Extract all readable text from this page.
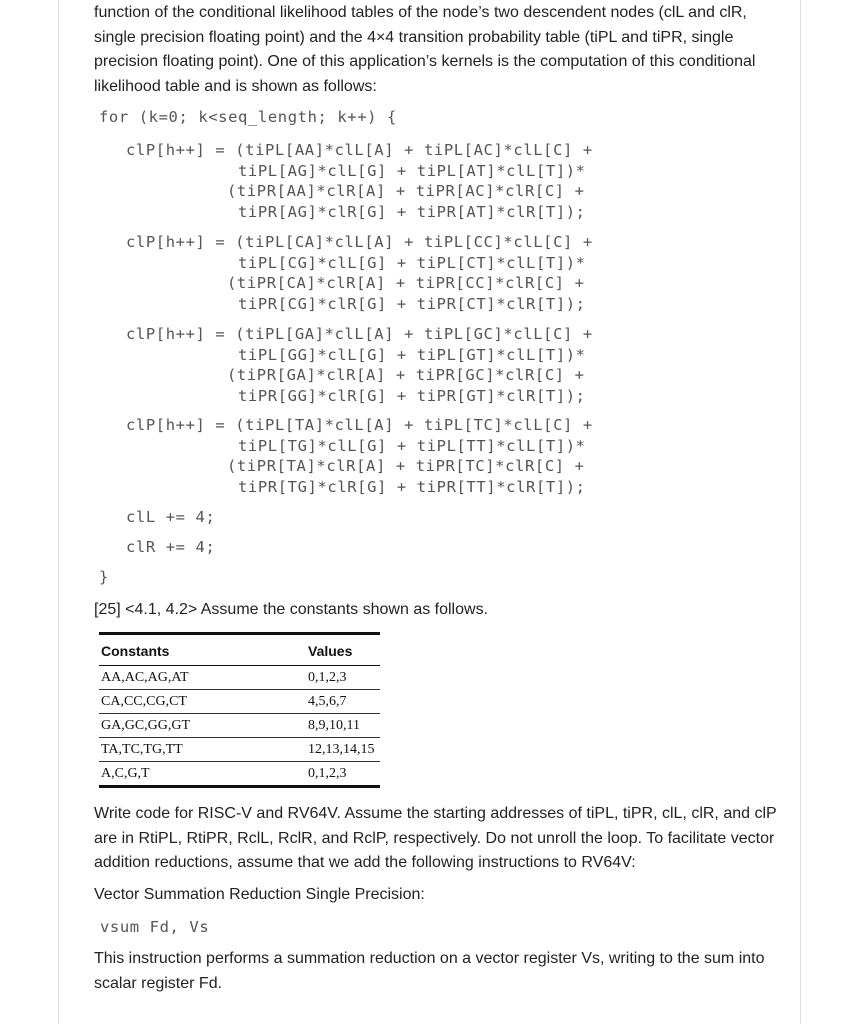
function of the conditional likelihood tables of the node’s two descendent nodes (clL and clR, single precision floating point) and the 4×4 transition probability table (tiPL and tiPR, single precision floating point). One of this application’s kernels is the computation of this conditional likelihood table and is shown as follows:

for (k=0; k<seq_length; k++) {
clP[h++] = (tiPL[AA]*clL[A] + tiPL[AC]*clL[C] +
tiPL[AG]*clL[G] + tiPL[AT]*clL[T])*
(tiPR[AA]*clR[A] + tiPR[AC]*clR[C] +
tiPR[AG]*clR[G] + tiPR[AT]*clR[T]);
clP[h++] = (tiPL[CA]*clL[A] + tiPL[CC]*clL[C] +
tiPL[CG]*clL[G] + tiPL[CT]*clL[T])*
(tiPR[CA]*clR[A] + tiPR[CC]*clR[C] +
tiPR[CG]*clR[G] + tiPR[CT]*clR[T]);
clP[h++] = (tiPL[GA]*clL[A] + tiPL[GC]*clL[C] +
tiPL[GG]*clL[G] + tiPL[GT]*clL[T])*
(tiPR[GA]*clR[A] + tiPR[GC]*clR[C] +
tiPR[GG]*clR[G] + tiPR[GT]*clR[T]);
clP[h++] = (tiPL[TA]*clL[A] + tiPL[TC]*clL[C] +
tiPL[TG]*clL[G] + tiPL[TT]*clL[T])*
(tiPR[TA]*clR[A] + tiPR[TC]*clR[C] +
tiPR[TG]*clR[G] + tiPR[TT]*clR[T]);
clL += 4;
clR += 4;
}

[25] <4.1, 4.2> Assume the constants shown as follows.

Constants	Values
AA,AC,AG,AT	0,1,2,3
CA,CC,CG,CT	4,5,6,7
GA,GC,GG,GT	8,9,10,11
TA,TC,TG,TT	12,13,14,15
A,C,G,T	0,1,2,3

Write code for RISC-V and RV64V. Assume the starting addresses of tiPL, tiPR, clL, clR, and clP are in RtiPL, RtiPR, RclL, RclR, and RclP, respectively. Do not unroll the loop. To facilitate vector addition reductions, assume that we add the following instructions to RV64V:

Vector Summation Reduction Single Precision:

vsum Fd, Vs

This instruction performs a summation reduction on a vector register Vs, writing to the sum into scalar register Fd.
